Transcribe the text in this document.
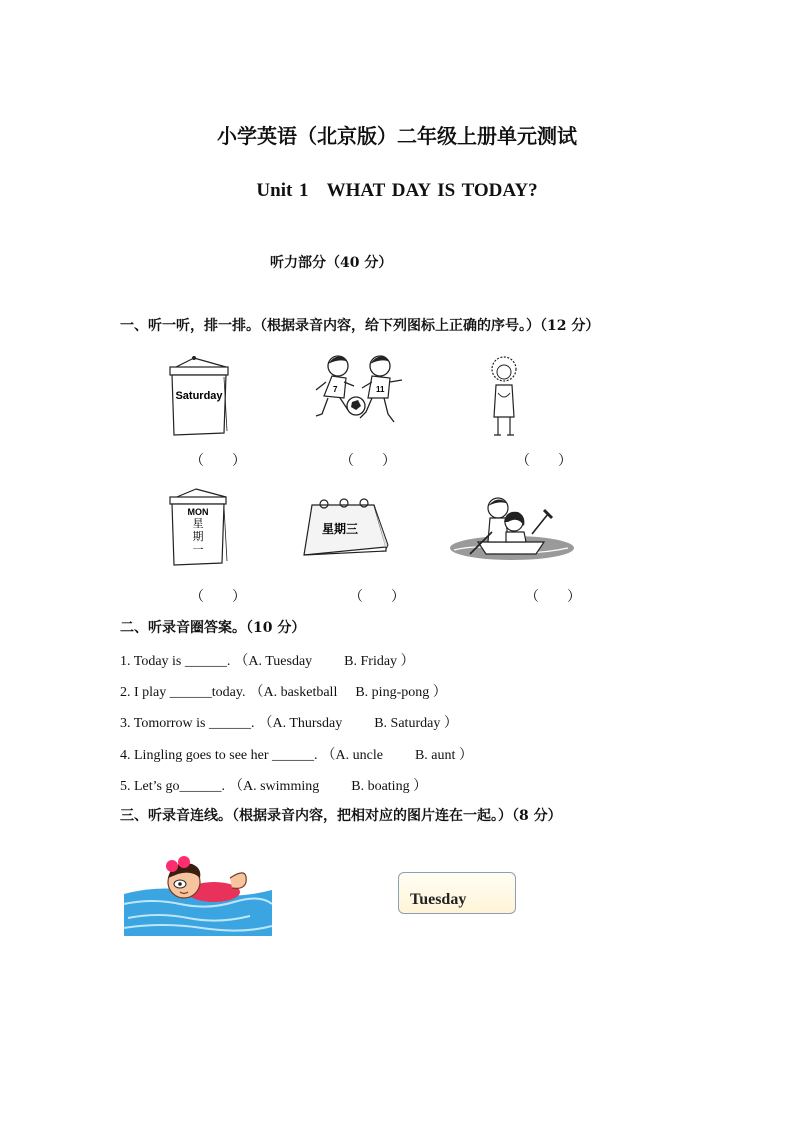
小学英语（北京版）二年级上册单元测试
Unit 1 WHAT DAY IS TODAY?
听力部分（40 分）
一、听一听，排一排。（根据录音内容，给下列图标上正确的序号。）（12 分）
Saturday
7	11
（　　）	（　　）	（　　）
MON
星
期
一
星期三
（　　）	（　　）	（　　）
二、听录音圈答案。（10 分）
1. Today is ______. （A. Tuesday B. Friday ）
2. I play ______today. （A. basketball B. ping-pong ）
3. Tomorrow is ______. （A. Thursday B. Saturday ）
4. Lingling goes to see her ______. （A. uncle B. aunt ）
5. Let’s go______. （A. swimming B. boating ）
三、听录音连线。（根据录音内容，把相对应的图片连在一起。）（8 分）
Tuesday
